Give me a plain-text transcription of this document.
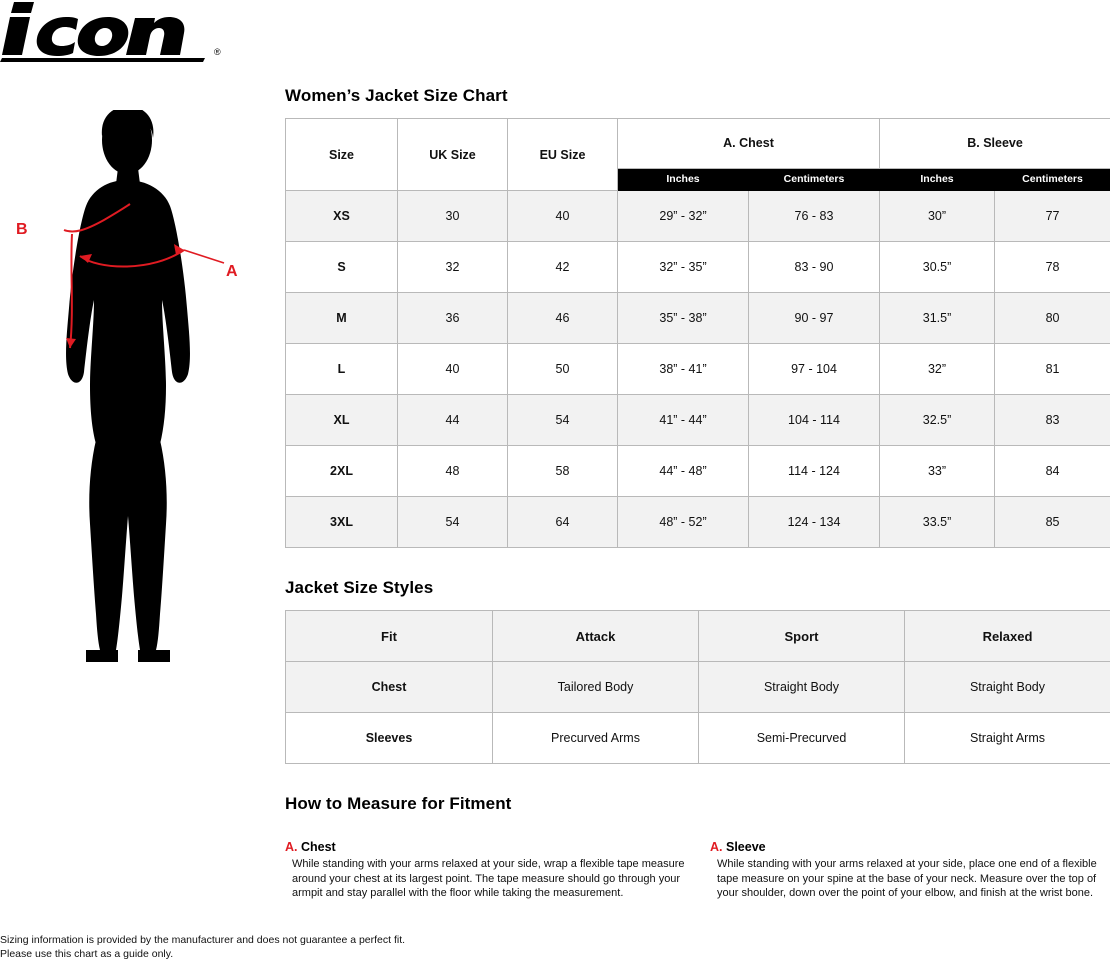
®
B
A
Women’s Jacket Size Chart
Size	UK Size	EU Size	A. Chest		B. Sleeve	
			Inches	Centimeters	Inches	Centimeters
XS	30	40	29” - 32”	76 - 83	30”	77
S	32	42	32” - 35”	83 - 90	30.5”	78
M	36	46	35” - 38”	90 - 97	31.5”	80
L	40	50	38” - 41”	97 - 104	32”	81
XL	44	54	41” - 44”	104 - 114	32.5”	83
2XL	48	58	44” - 48”	114 - 124	33”	84
3XL	54	64	48” - 52”	124 - 134	33.5”	85
Jacket Size Styles
Fit	Attack	Sport	Relaxed
Chest	Tailored Body	Straight Body	Straight Body
Sleeves	Precurved Arms	Semi-Precurved	Straight Arms
How to Measure for Fitment
A. Chest
While standing with your arms relaxed at your side, wrap a flexible tape measure around your chest at its largest point. The tape measure should go through your armpit and stay parallel with the floor while taking the measurement.
A. Sleeve
While standing with your arms relaxed at your side, place one end of a flexible tape measure on your spine at the base of your neck. Measure over the top of your shoulder, down over the point of your elbow, and finish at the wrist bone.
Sizing information is provided by the manufacturer and does not guarantee a perfect fit.
Please use this chart as a guide only.
